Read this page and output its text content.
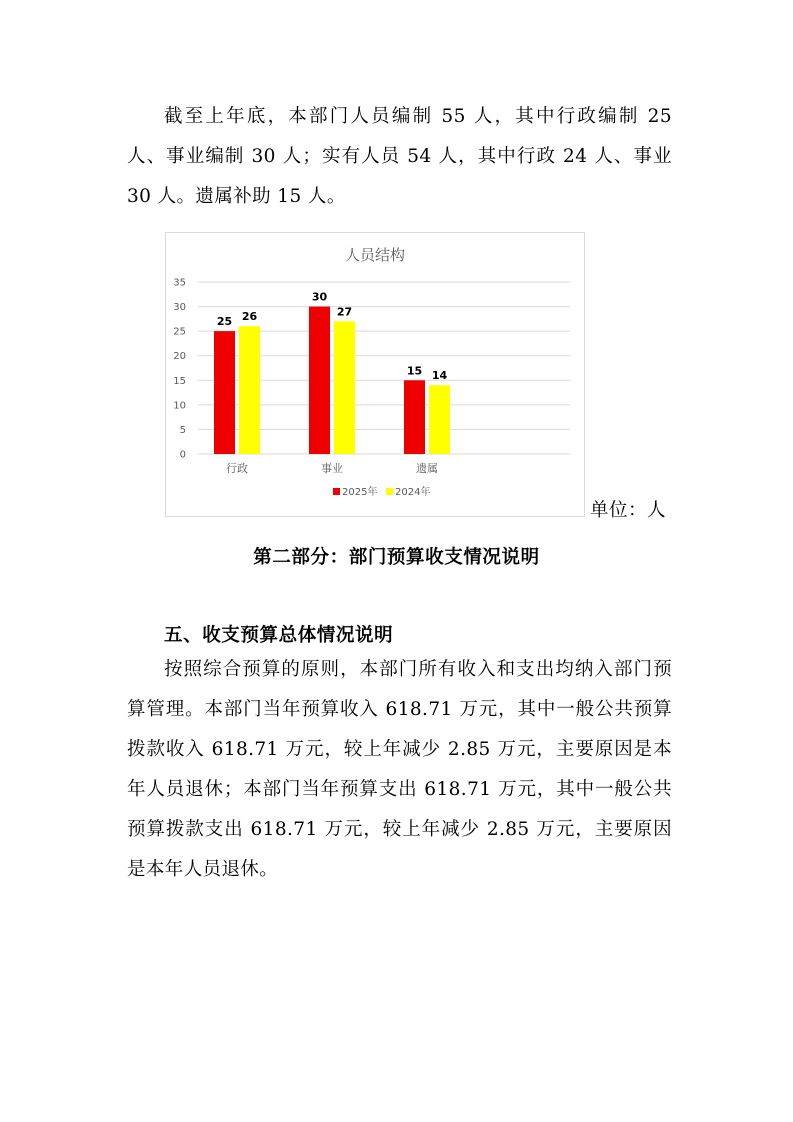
截至上年底，本部门人员编制 55 人，其中行政编制 25 人、事业编制 30 人；实有人员 54 人，其中行政 24 人、事业 30 人。遗属补助 15 人。

人员结构
0
5
10
15
20
25
30
35
25 26
30
27
15 14
行政	事业	遗属
2025年 2024年
单位：人
第二部分：部门预算收支情况说明
五、收支预算总体情况说明

按照综合预算的原则，本部门所有收入和支出均纳入部门预算管理。本部门当年预算收入 618.71 万元，其中一般公共预算拨款收入 618.71 万元，较上年减少 2.85 万元，主要原因是本年人员退休；本部门当年预算支出 618.71 万元，其中一般公共预算拨款支出 618.71 万元，较上年减少 2.85 万元，主要原因是本年人员退休。
